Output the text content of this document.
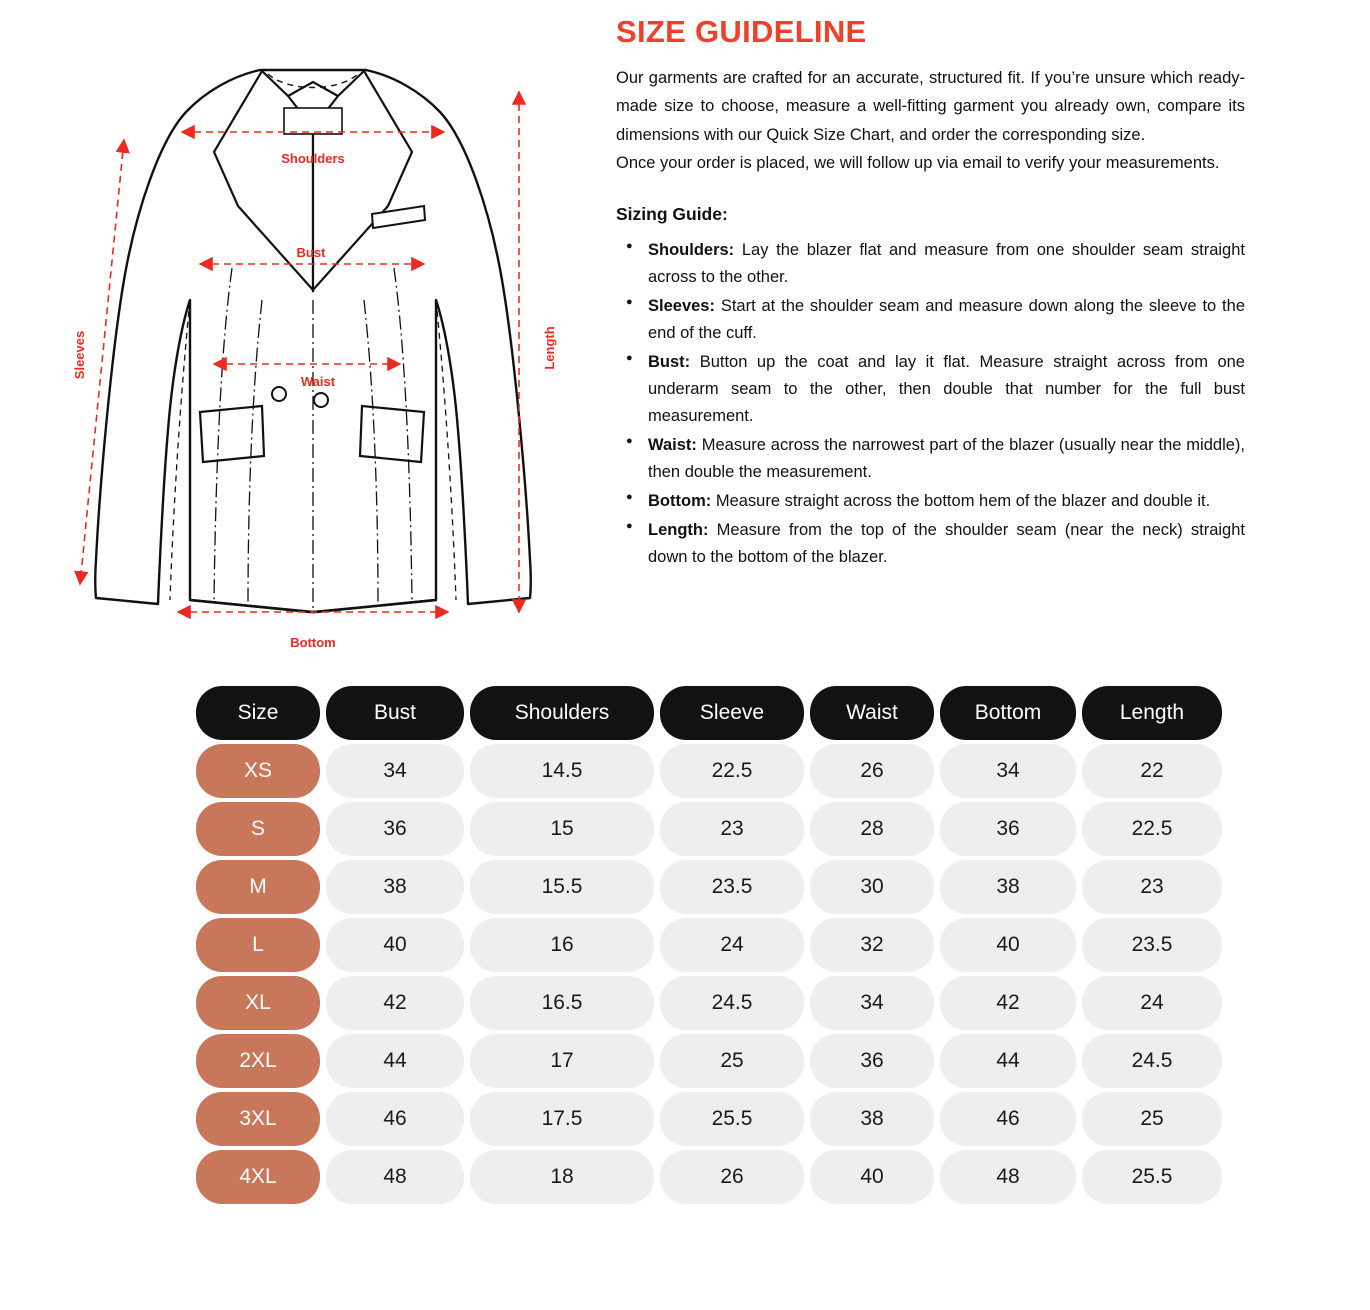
Shoulders
Bust
Waist
Bottom
Sleeves	Length
SIZE GUIDELINE

Our garments are crafted for an accurate, structured fit. If you’re unsure which ready-made size to choose, measure a well-fitting garment you already own, compare its dimensions with our Quick Size Chart, and order the corresponding size.

Once your order is placed, we will follow up via email to verify your measurements.

Sizing Guide:
● Shoulders: Lay the blazer flat and measure from one shoulder seam straight across to the other.
● Sleeves: Start at the shoulder seam and measure down along the sleeve to the end of the cuff.
● Bust: Button up the coat and lay it flat. Measure straight across from one underarm seam to the other, then double that number for the full bust measurement.
● Waist: Measure across the narrowest part of the blazer (usually near the middle), then double the measurement.
● Bottom: Measure straight across the bottom hem of the blazer and double it.
● Length: Measure from the top of the shoulder seam (near the neck) straight down to the bottom of the blazer.
Size	Bust	Shoulders	Sleeve	Waist	Bottom	Length
XS	34	14.5	22.5	26	34	22
S	36	15	23	28	36	22.5
M	38	15.5	23.5	30	38	23
L	40	16	24	32	40	23.5
XL	42	16.5	24.5	34	42	24
2XL	44	17	25	36	44	24.5
3XL	46	17.5	25.5	38	46	25
4XL	48	18	26	40	48	25.5
